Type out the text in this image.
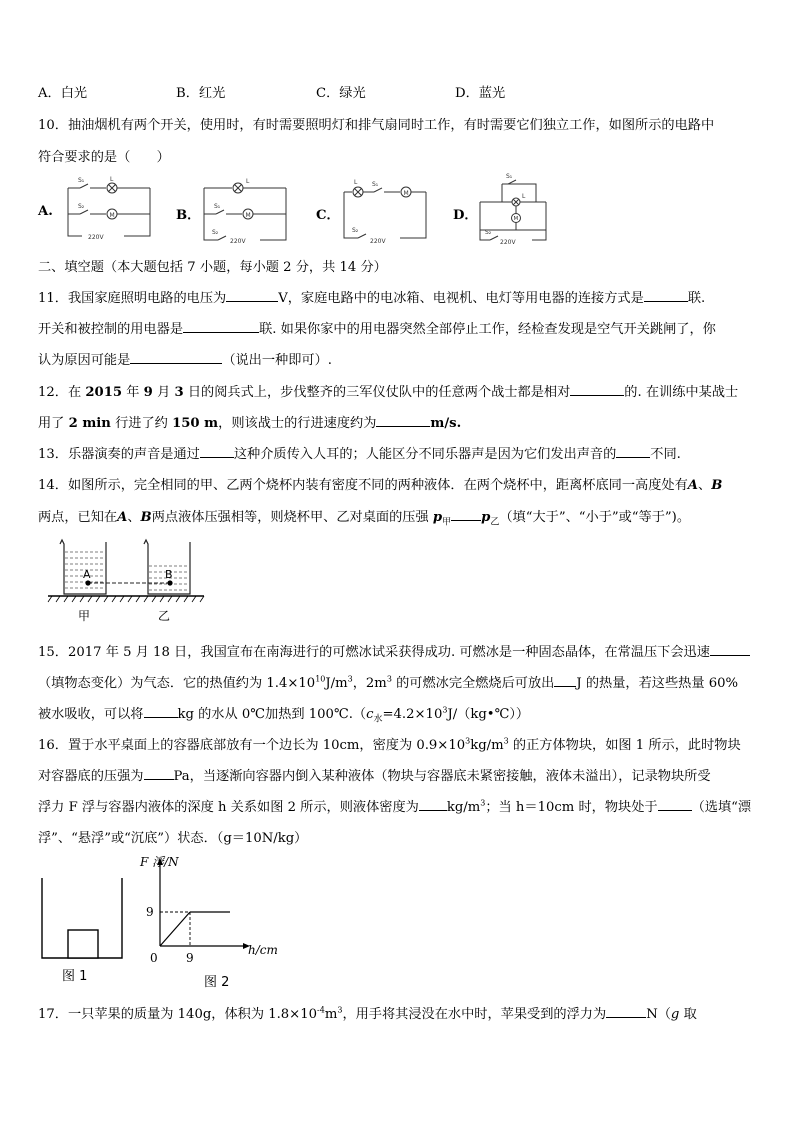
A．白光	B．红光	C．绿光	D．蓝光
10．抽油烟机有两个开关，使用时，有时需要照明灯和排气扇同时工作，有时需要它们独立工作，如图所示的电路中
符合要求的是（　　）
A.	B．	C．	D．
M
S₁
S₂
L
220V
M
S₁
S₂
L
220V
M
S₁
S₂
L
220V
M
S₁
S₂
L
220V
二、填空题（本大题包括 7 小题，每小题 2 分，共 14 分）
11．我国家庭照明电路的电压为	V，家庭电路中的电冰箱、电视机、电灯等用电器的连接方式是	联.
开关和被控制的用电器是	联. 如果你家中的用电器突然全部停止工作，经检查发现是空气开关跳闸了，你
认为原因可能是	（说出一种即可）.
12．在 2015 年 9 月 3 日的阅兵式上，步伐整齐的三军仪仗队中的任意两个战士都是相对	的. 在训练中某战士
用了 2 min 行进了约 150 m，则该战士的行进速度约为	m/s.
13．乐器演奏的声音是通过	这种介质传入人耳的；人能区分不同乐器声是因为它们发出声音的	不同.
14．如图所示，完全相同的甲、乙两个烧杯内装有密度不同的两种液体．在两个烧杯中，距离杯底同一高度处有A、B
两点，已知在A、B两点液体压强相等，则烧杯甲、乙对桌面的压强 $p_甲$ $p_乙$（填“大于”、“小于”或“等于”)。
A	B
甲	乙
15．2017 年 5 月 18 日，我国宣布在南海进行的可燃冰试采获得成功. 可燃冰是一种固态晶体，在常温压下会迅速
（填物态变化）为气态．它的热值约为 $1.4\times 10^{10}J/m^3$，$2m^3$ 的可燃冰完全燃烧后可放出 J 的热量，若这些热量 60%
被水吸收，可以将	kg 的水从 0℃加热到 $100℃.(c_水=4.2\times 10^3J/(kg•℃))$
16．置于水平桌面上的容器底部放有一个边长为 10cm，密度为 $0.9\times 10^3kg/m^3$ 的正方体物块，如图 1 所示，此时物块
对容器底的压强为 Pa，当逐渐向容器内倒入某种液体（物块与容器底未紧密接触，液体未溢出），记录物块所受
浮力 F 浮与容器内液体的深度 h 关系如图 2 所示，则液体密度为 $kg/m^3$；当 h＝10cm 时，物块处于	（选填“漂
浮”、“悬浮”或“沉底”）状态．（g＝10N/kg）
图 1
F 浮/N
h/cm
9
9
0
图 2
17．一只苹果的质量为 140g，体积为 $1.8\times 10^{-4}m^3$，用手将其浸没在水中时，苹果受到的浮力为	N（g 取
